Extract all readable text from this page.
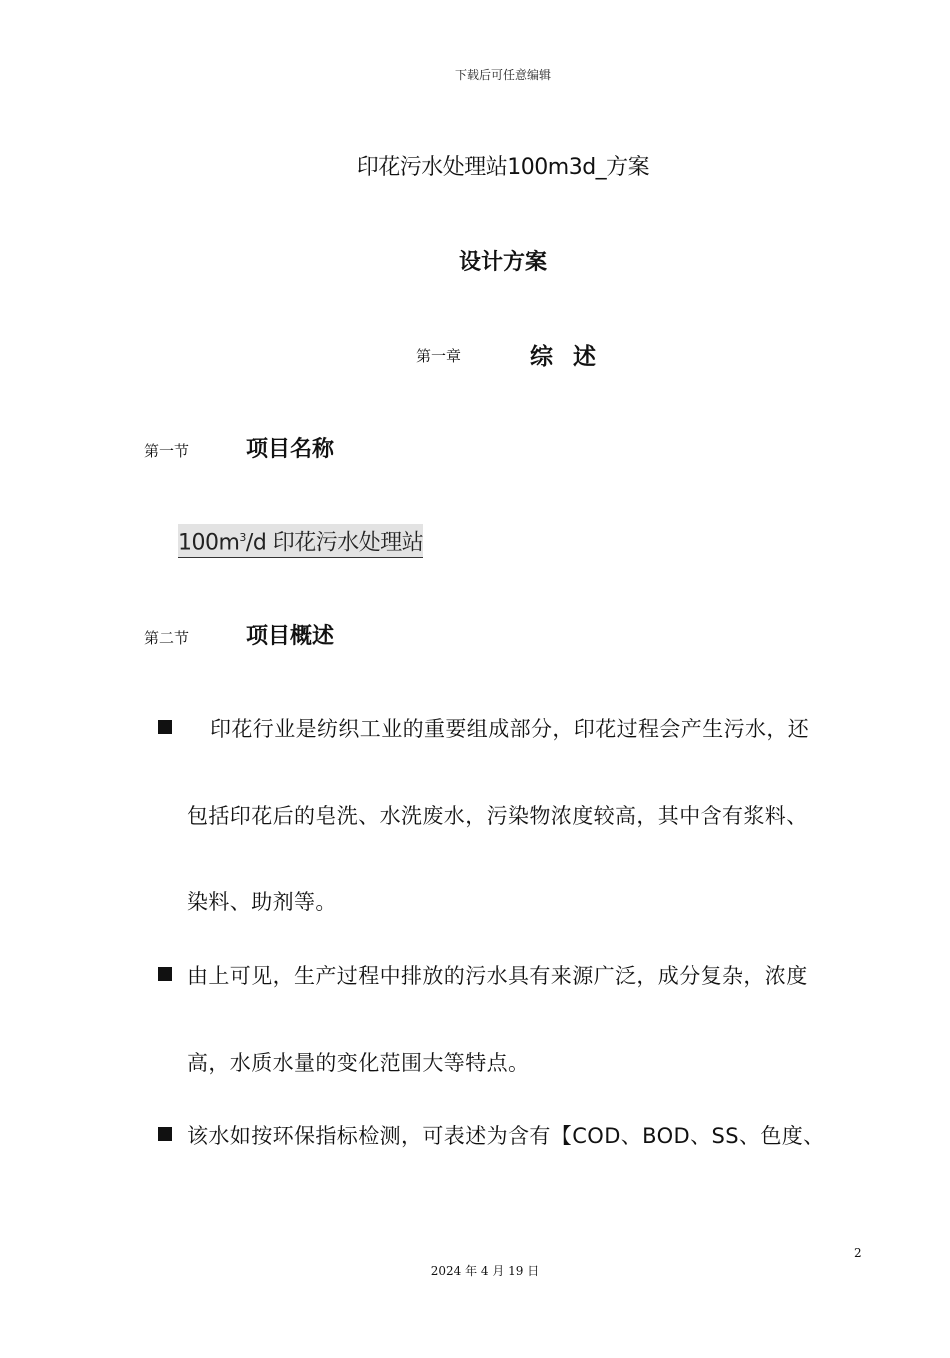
下载后可任意编辑
印花污水处理站100m3d_方案
设计方案
第一章	综 述
第一节	项目名称
$100m^3/d$ 印花污水处理站
第二节	项目概述
印花行业是纺织工业的重要组成部分，印花过程会产生污水，还
包括印花后的皂洗、水洗废水，污染物浓度较高，其中含有浆料、
染料、助剂等。
由上可见，生产过程中排放的污水具有来源广泛，成分复杂，浓度
高，水质水量的变化范围大等特点。
该水如按环保指标检测，可表述为含有【COD、BOD、SS、色度、
2
2024 年 4 月 19 日
